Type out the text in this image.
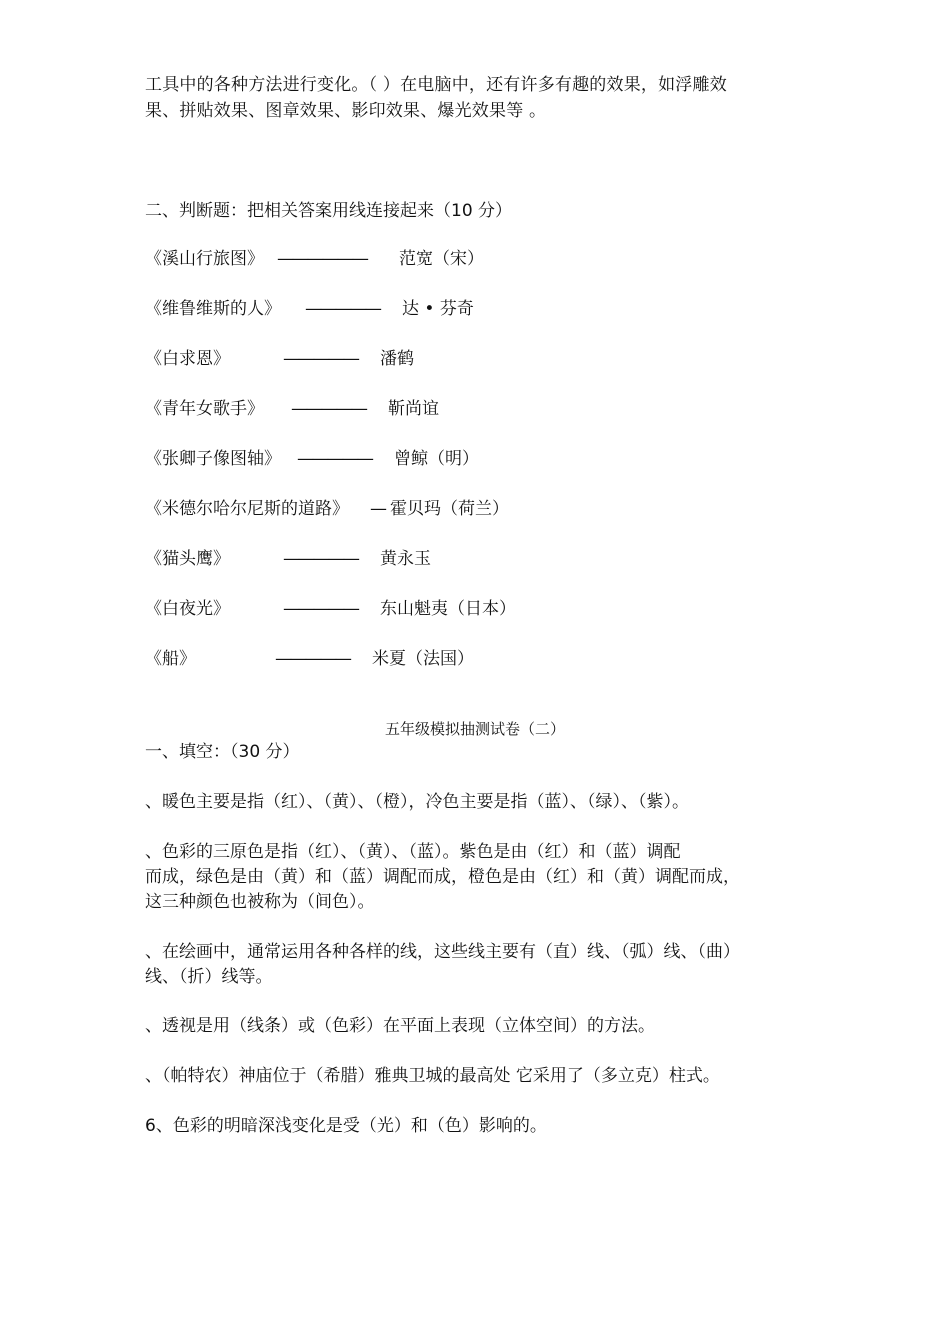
工具中的各种方法进行变化。（ ）在电脑中，还有许多有趣的效果，如浮雕效
果、拼贴效果、图章效果、影印效果、爆光效果等 。
二、判断题：把相关答案用线连接起来（10 分）
《溪山行旅图》 ——————范宽（宋）
《维鲁维斯的人》 ————— 达 • 芬奇
《白求恩》	————— 潘鹤
《青年女歌手》 ————— 靳尚谊
《张卿子像图轴》 ————— 曾鲸（明）
《米德尔哈尔尼斯的道路》 — 霍贝玛（荷兰）
《猫头鹰》	————— 黄永玉
《白夜光》	————— 东山魁夷（日本）
《船》	————— 米夏（法国）
五年级模拟抽测试卷（二）
一、填空：（30 分）
、暖色主要是指（红）、（黄）、（橙），冷色主要是指（蓝）、（绿）、（紫）。
、色彩的三原色是指（红）、（黄）、（蓝）。紫色是由（红）和（蓝）调配
而成，绿色是由（黄）和（蓝）调配而成，橙色是由（红）和（黄）调配而成，
这三种颜色也被称为（间色）。
、在绘画中，通常运用各种各样的线，这些线主要有（直）线、（弧）线、（曲）
线、（折）线等。
、透视是用（线条）或（色彩）在平面上表现（立体空间）的方法。
、（帕特农）神庙位于（希腊）雅典卫城的最高处 它采用了（多立克）柱式。
6、色彩的明暗深浅变化是受（光）和（色）影响的。
